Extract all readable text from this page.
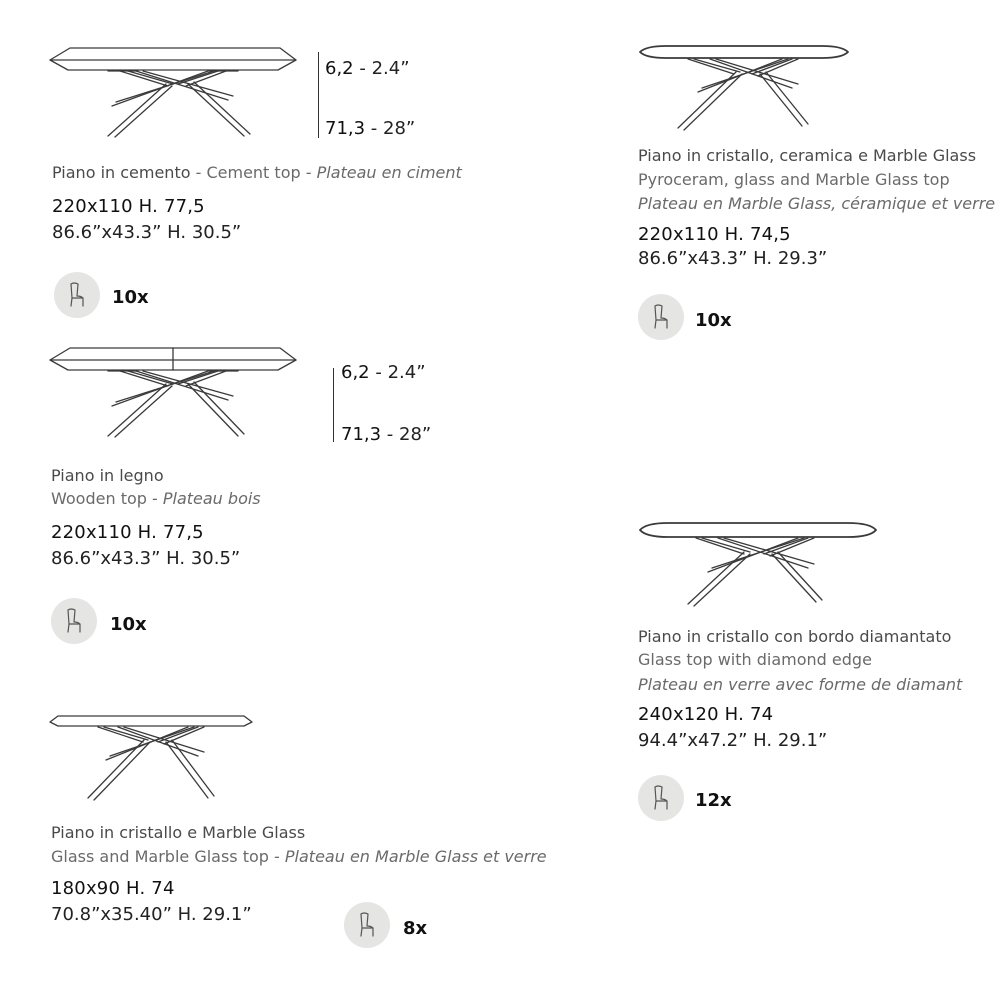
6,2 - 2.4”
71,3 - 28”
Piano in cemento - Cement top - Plateau en ciment
220x110 H. 77,5
86.6”x43.3” H. 30.5”
10x
6,2 - 2.4”
71,3 - 28”
Piano in legno
Wooden top - Plateau bois
220x110 H. 77,5
86.6”x43.3” H. 30.5”
10x
Piano in cristallo e Marble Glass
Glass and Marble Glass top - Plateau en Marble Glass et verre
180x90 H. 74
70.8”x35.40” H. 29.1”
8x
Piano in cristallo, ceramica e Marble Glass
Pyroceram, glass and Marble Glass top
Plateau en Marble Glass, céramique et verre
220x110 H. 74,5
86.6”x43.3” H. 29.3”
10x
Piano in cristallo con bordo diamantato
Glass top with diamond edge
Plateau en verre avec forme de diamant
240x120 H. 74
94.4”x47.2” H. 29.1”
12x
